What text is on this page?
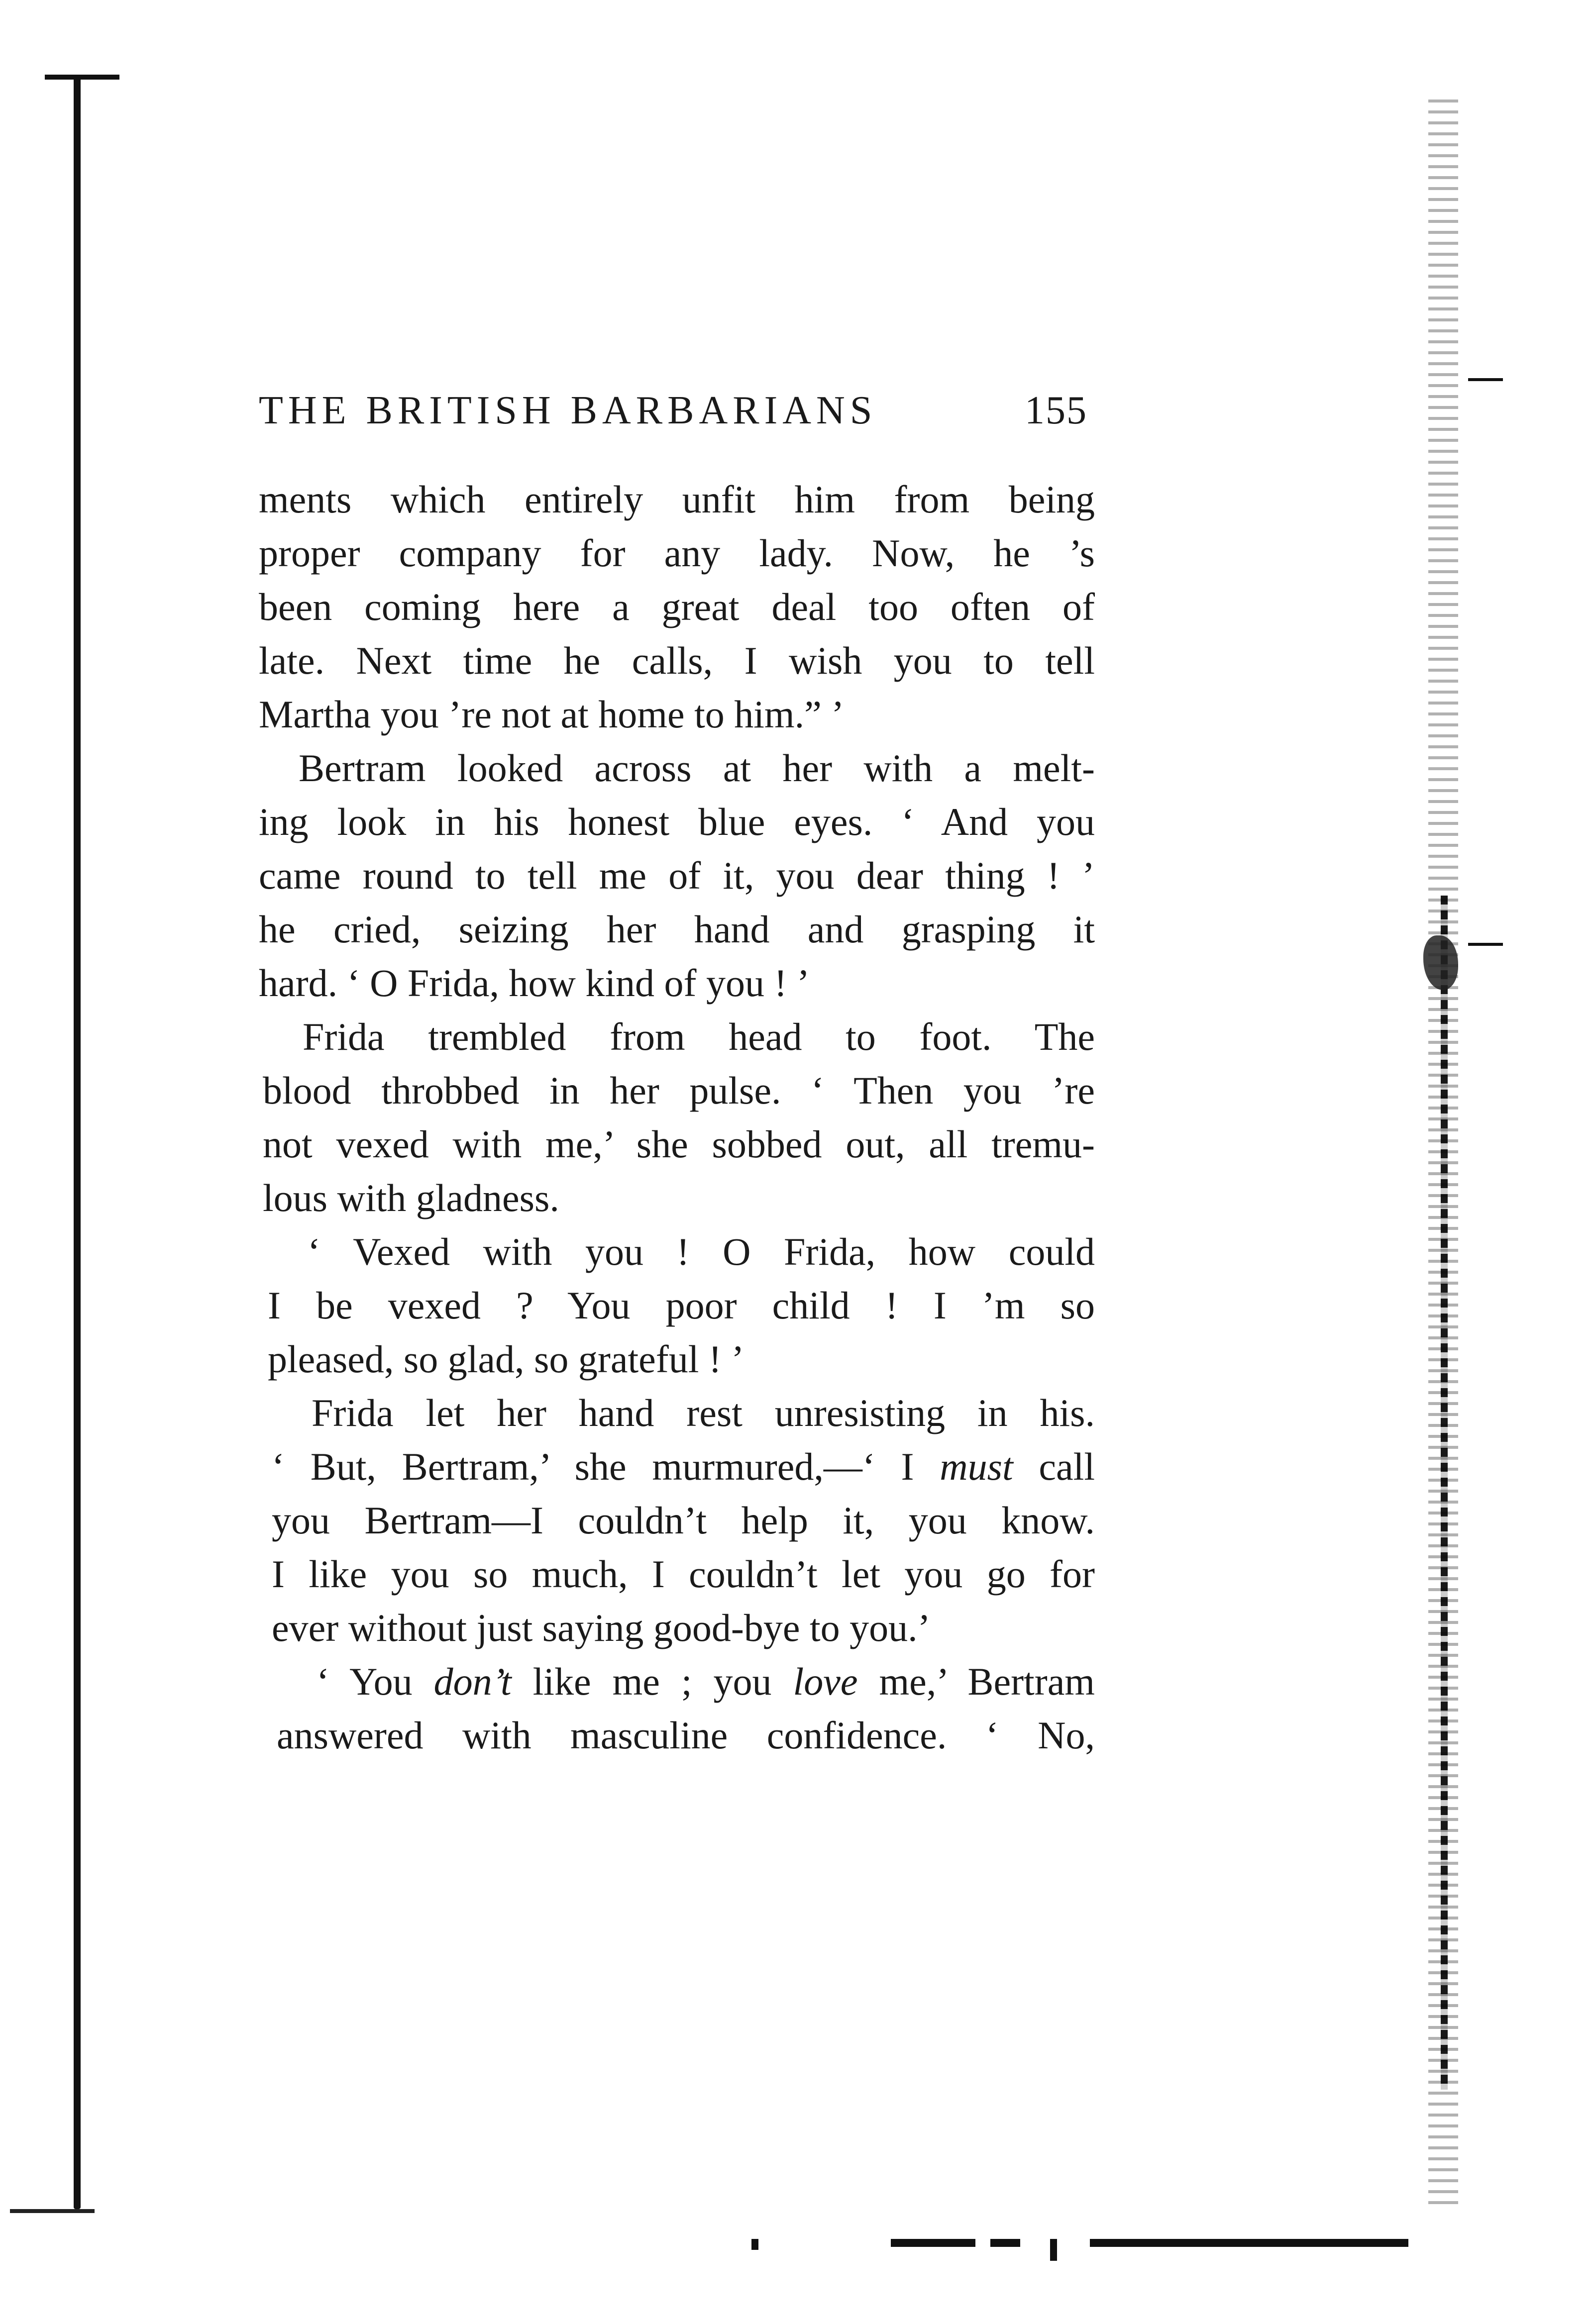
THE BRITISH BARBARIANS	155
ments which entirely unfit him from being
proper company for any lady. Now, he ’s
been coming here a great deal too often of
late. Next time he calls, I wish you to tell
Martha you ’re not at home to him.” ’
Bertram looked across at her with a melt-
ing look in his honest blue eyes. ‘ And you
came round to tell me of it, you dear thing ! ’
he cried, seizing her hand and grasping it
hard. ‘ O Frida, how kind of you ! ’
Frida trembled from head to foot. The
blood throbbed in her pulse. ‘ Then you ’re
not vexed with me,’ she sobbed out, all tremu-
lous with gladness.
‘ Vexed with you ! O Frida, how could
I be vexed ? You poor child ! I ’m so
pleased, so glad, so grateful ! ’
Frida let her hand rest unresisting in his.
‘ But, Bertram,’ she murmured,—‘ I must call
you Bertram—I couldn’t help it, you know.
I like you so much, I couldn’t let you go for
ever without just saying good-bye to you.’
‘ You don’t like me ; you love me,’ Bertram
answered with masculine confidence. ‘ No,
